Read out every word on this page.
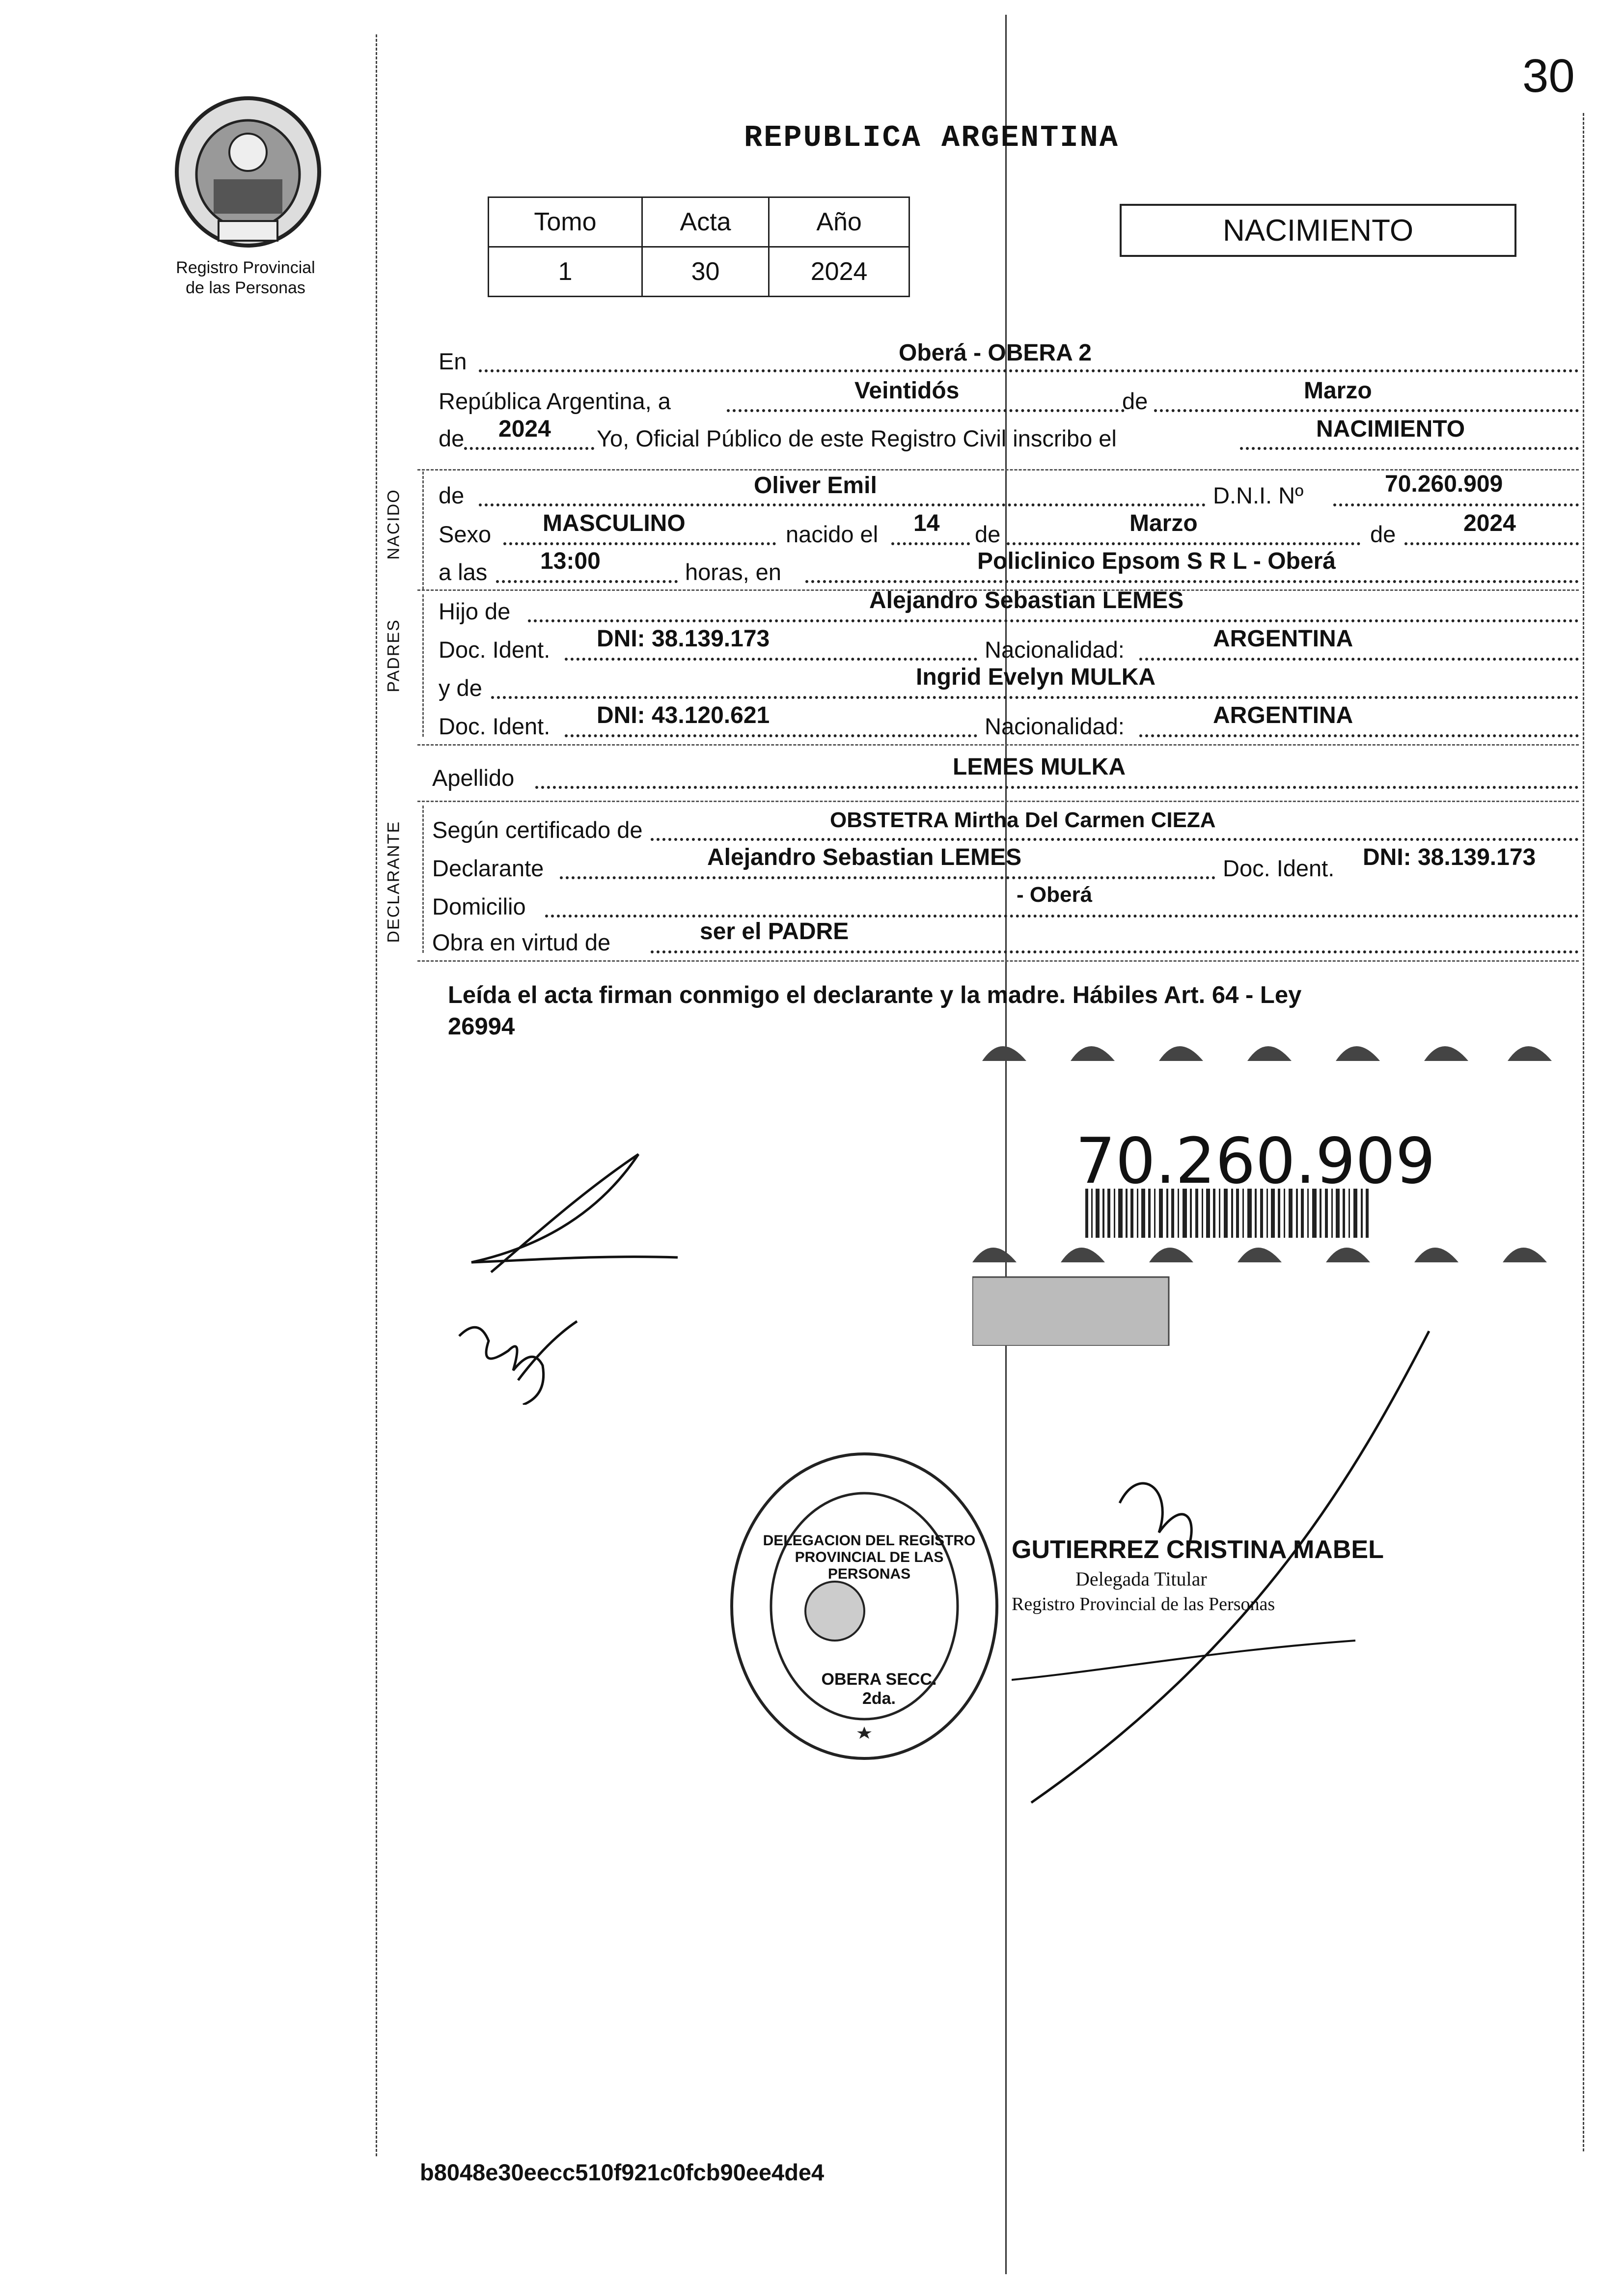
30
Registro Provincial
de las Personas
REPUBLICA ARGENTINA
Tomo	Acta	Año
1	30	2024
NACIMIENTO
En	Oberá - OBERA 2
República Argentina, a	Veintidós	de	Marzo
de 2024 Yo, Oficial Público de este Registro Civil inscribo el	NACIMIENTO
NACIDO de	Oliver Emil	D.N.I. Nº	70.260.909
Sexo MASCULINO	nacido el 14 de	Marzo	de	2024
a las 13:00	horas, en	Policlinico Epsom S R L - Oberá
PADRES
Hijo de	Alejandro Sebastian LEMES
Doc. Ident. DNI: 38.139.173	Nacionalidad:	ARGENTINA
y de	Ingrid Evelyn MULKA
Doc. Ident. DNI: 43.120.621	Nacionalidad:	ARGENTINA
Apellido	LEMES MULKA
DECLARANTE Según certificado de	OBSTETRA Mirtha Del Carmen CIEZA
Declarante	Alejandro Sebastian LEMES	Doc. Ident. DNI: 38.139.173
Domicilio	- Oberá
Obra en virtud de	ser el PADRE
Leída el acta firman conmigo el declarante y la madre. Hábiles Art. 64 - Ley
26994
70.260.909
DELEGACION DEL REGISTRO PROVINCIAL DE LAS PERSONAS
OBERA SECC. 2da.
GUTIERREZ CRISTINA MABEL
Delegada Titular
Registro Provincial de las Personas
b8048e30eecc510f921c0fcb90ee4de4
